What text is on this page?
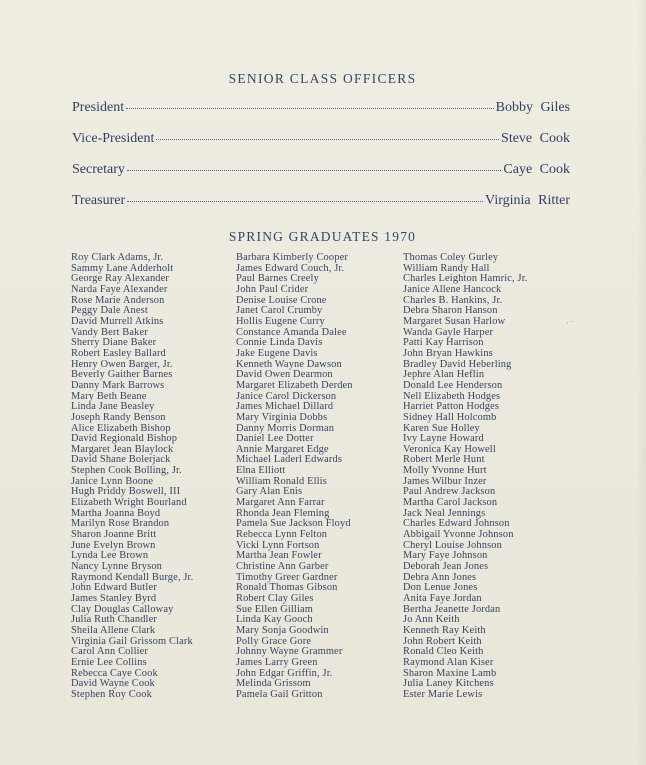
SENIOR CLASS OFFICERS
President	Bobby Giles
Vice-President	Steve Cook
Secretary	Caye Cook
Treasurer	Virginia Ritter
SPRING GRADUATES 1970
Roy Clark Adams, Jr.
Sammy Lane Adderholt
George Ray Alexander
Narda Faye Alexander
Rose Marie Anderson
Peggy Dale Anest
David Murrell Atkins
Vandy Bert Baker
Sherry Diane Baker
Robert Easley Ballard
Henry Owen Barger, Jr.
Beverly Gaither Barnes
Danny Mark Barrows
Mary Beth Beane
Linda Jane Beasley
Joseph Randy Benson
Alice Elizabeth Bishop
David Regionald Bishop
Margaret Jean Blaylock
David Shane Bolerjack
Stephen Cook Bolling, Jr.
Janice Lynn Boone
Hugh Priddy Boswell, III
Elizabeth Wright Bourland
Martha Joanna Boyd
Marilyn Rose Brandon
Sharon Joanne Britt
June Evelyn Brown
Lynda Lee Brown
Nancy Lynne Bryson
Raymond Kendall Burge, Jr.
John Edward Butler
James Stanley Byrd
Clay Douglas Calloway
Julia Ruth Chandler
Sheila Allene Clark
Virginia Gail Grissom Clark
Carol Ann Collier
Ernie Lee Collins
Rebecca Caye Cook
David Wayne Cook
Stephen Roy Cook
Barbara Kimberly Cooper
James Edward Couch, Jr.
Paul Barnes Creely
John Paul Crider
Denise Louise Crone
Janet Carol Crumby
Hollis Eugene Curry
Constance Amanda Dalee
Connie Linda Davis
Jake Eugene Davis
Kenneth Wayne Dawson
David Owen Dearmon
Margaret Elizabeth Derden
Janice Carol Dickerson
James Michael Dillard
Mary Virginia Dobbs
Danny Morris Dorman
Daniel Lee Dotter
Annie Margaret Edge
Michael Laderl Edwards
Elna Elliott
William Ronald Ellis
Gary Alan Enis
Margaret Ann Farrar
Rhonda Jean Fleming
Pamela Sue Jackson Floyd
Rebecca Lynn Felton
Vicki Lynn Fortson
Martha Jean Fowler
Christine Ann Garber
Timothy Greer Gardner
Ronald Thomas Gibson
Robert Clay Giles
Sue Ellen Gilliam
Linda Kay Gooch
Mary Sonja Goodwin
Polly Grace Gore
Johnny Wayne Grammer
James Larry Green
John Edgar Griffin, Jr.
Melinda Grissom
Pamela Gail Gritton
Thomas Coley Gurley
William Randy Hall
Charles Leighton Hamric, Jr.
Janice Allene Hancock
Charles B. Hankins, Jr.
Debra Sharon Hanson
Margaret Susan Harlow
Wanda Gayle Harper
Patti Kay Harrison
John Bryan Hawkins
Bradley David Heberling
Jephre Alan Heflin
Donald Lee Henderson
Nell Elizabeth Hodges
Harriet Patton Hodges
Sidney Hall Holcomb
Karen Sue Holley
Ivy Layne Howard
Veronica Kay Howell
Robert Merle Hunt
Molly Yvonne Hurt
James Wilbur Inzer
Paul Andrew Jackson
Martha Carol Jackson
Jack Neal Jennings
Charles Edward Johnson
Abbigail Yvonne Johnson
Cheryl Louise Johnson
Mary Faye Johnson
Deborah Jean Jones
Debra Ann Jones
Don Lenue Jones
Anita Faye Jordan
Bertha Jeanette Jordan
Jo Ann Keith
Kenneth Ray Keith
John Robert Keith
Ronald Cleo Keith
Raymond Alan Kiser
Sharon Maxine Lamb
Julia Laney Kitchens
Ester Marie Lewis
·⁻
